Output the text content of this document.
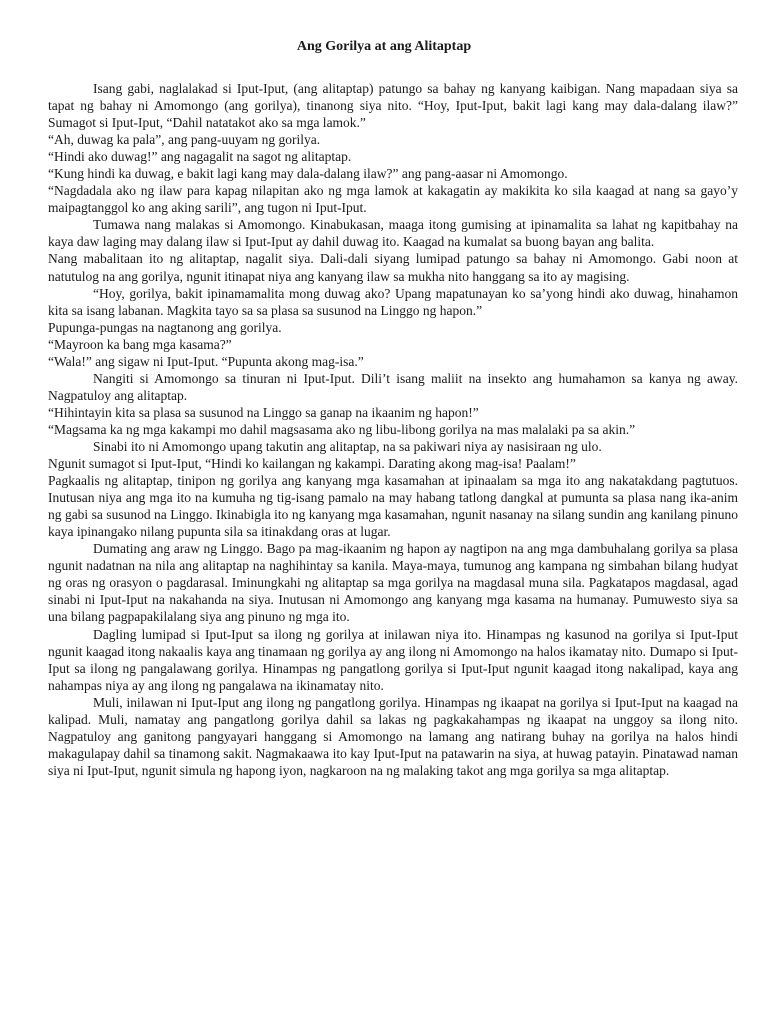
Ang Gorilya at ang Alitaptap

Isang gabi, naglalakad si Iput-Iput, (ang alitaptap) patungo sa bahay ng kanyang kaibigan. Nang mapadaan siya sa tapat ng bahay ni Amomongo (ang gorilya), tinanong siya nito. “Hoy, Iput-Iput, bakit lagi kang may dala-dalang ilaw?” Sumagot si Iput-Iput, “Dahil natatakot ako sa mga lamok.”

“Ah, duwag ka pala”, ang pang-uuyam ng gorilya.

“Hindi ako duwag!” ang nagagalit na sagot ng alitaptap.

“Kung hindi ka duwag, e bakit lagi kang may dala-dalang ilaw?” ang pang-aasar ni Amomongo.

“Nagdadala ako ng ilaw para kapag nilapitan ako ng mga lamok at kakagatin ay makikita ko sila kaagad at nang sa gayo’y maipagtanggol ko ang aking sarili”, ang tugon ni Iput-Iput.

Tumawa nang malakas si Amomongo. Kinabukasan, maaga itong gumising at ipinamalita sa lahat ng kapitbahay na kaya daw laging may dalang ilaw si Iput-Iput ay dahil duwag ito. Kaagad na kumalat sa buong bayan ang balita.

Nang mabalitaan ito ng alitaptap, nagalit siya. Dali-dali siyang lumipad patungo sa bahay ni Amomongo. Gabi noon at natutulog na ang gorilya, ngunit itinapat niya ang kanyang ilaw sa mukha nito hanggang sa ito ay magising.

“Hoy, gorilya, bakit ipinamamalita mong duwag ako? Upang mapatunayan ko sa’yong hindi ako duwag, hinahamon kita sa isang labanan. Magkita tayo sa sa plasa sa susunod na Linggo ng hapon.”

Pupunga-pungas na nagtanong ang gorilya.

“Mayroon ka bang mga kasama?”

“Wala!” ang sigaw ni Iput-Iput. “Pupunta akong mag-isa.”

Nangiti si Amomongo sa tinuran ni Iput-Iput. Dili’t isang maliit na insekto ang humahamon sa kanya ng away. Nagpatuloy ang alitaptap.

“Hihintayin kita sa plasa sa susunod na Linggo sa ganap na ikaanim ng hapon!”

“Magsama ka ng mga kakampi mo dahil magsasama ako ng libu-libong gorilya na mas malalaki pa sa akin.”

Sinabi ito ni Amomongo upang takutin ang alitaptap, na sa pakiwari niya ay nasisiraan ng ulo.

Ngunit sumagot si Iput-Iput, “Hindi ko kailangan ng kakampi. Darating akong mag-isa! Paalam!”

Pagkaalis ng alitaptap, tinipon ng gorilya ang kanyang mga kasamahan at ipinaalam sa mga ito ang nakatakdang pagtutuos. Inutusan niya ang mga ito na kumuha ng tig-isang pamalo na may habang tatlong dangkal at pumunta sa plasa nang ika-anim ng gabi sa susunod na Linggo. Ikinabigla ito ng kanyang mga kasamahan, ngunit nasanay na silang sundin ang kanilang pinuno kaya ipinangako nilang pupunta sila sa itinakdang oras at lugar.

Dumating ang araw ng Linggo. Bago pa mag-ikaanim ng hapon ay nagtipon na ang mga dambuhalang gorilya sa plasa ngunit nadatnan na nila ang alitaptap na naghihintay sa kanila. Maya-maya, tumunog ang kampana ng simbahan bilang hudyat ng oras ng orasyon o pagdarasal. Iminungkahi ng alitaptap sa mga gorilya na magdasal muna sila. Pagkatapos magdasal, agad sinabi ni Iput-Iput na nakahanda na siya. Inutusan ni Amomongo ang kanyang mga kasama na humanay. Pumuwesto siya sa una bilang pagpapakilalang siya ang pinuno ng mga ito.

Dagling lumipad si Iput-Iput sa ilong ng gorilya at inilawan niya ito. Hinampas ng kasunod na gorilya si Iput-Iput ngunit kaagad itong nakaalis kaya ang tinamaan ng gorilya ay ang ilong ni Amomongo na halos ikamatay nito. Dumapo si Iput-Iput sa ilong ng pangalawang gorilya. Hinampas ng pangatlong gorilya si Iput-Iput ngunit kaagad itong nakalipad, kaya ang nahampas niya ay ang ilong ng pangalawa na ikinamatay nito.

Muli, inilawan ni Iput-Iput ang ilong ng pangatlong gorilya. Hinampas ng ikaapat na gorilya si Iput-Iput na kaagad na kalipad. Muli, namatay ang pangatlong gorilya dahil sa lakas ng pagkakahampas ng ikaapat na unggoy sa ilong nito. Nagpatuloy ang ganitong pangyayari hanggang si Amomongo na lamang ang natirang buhay na gorilya na halos hindi makagulapay dahil sa tinamong sakit. Nagmakaawa ito kay Iput-Iput na patawarin na siya, at huwag patayin. Pinatawad naman siya ni Iput-Iput, ngunit simula ng hapong iyon, nagkaroon na ng malaking takot ang mga gorilya sa mga alitaptap.
